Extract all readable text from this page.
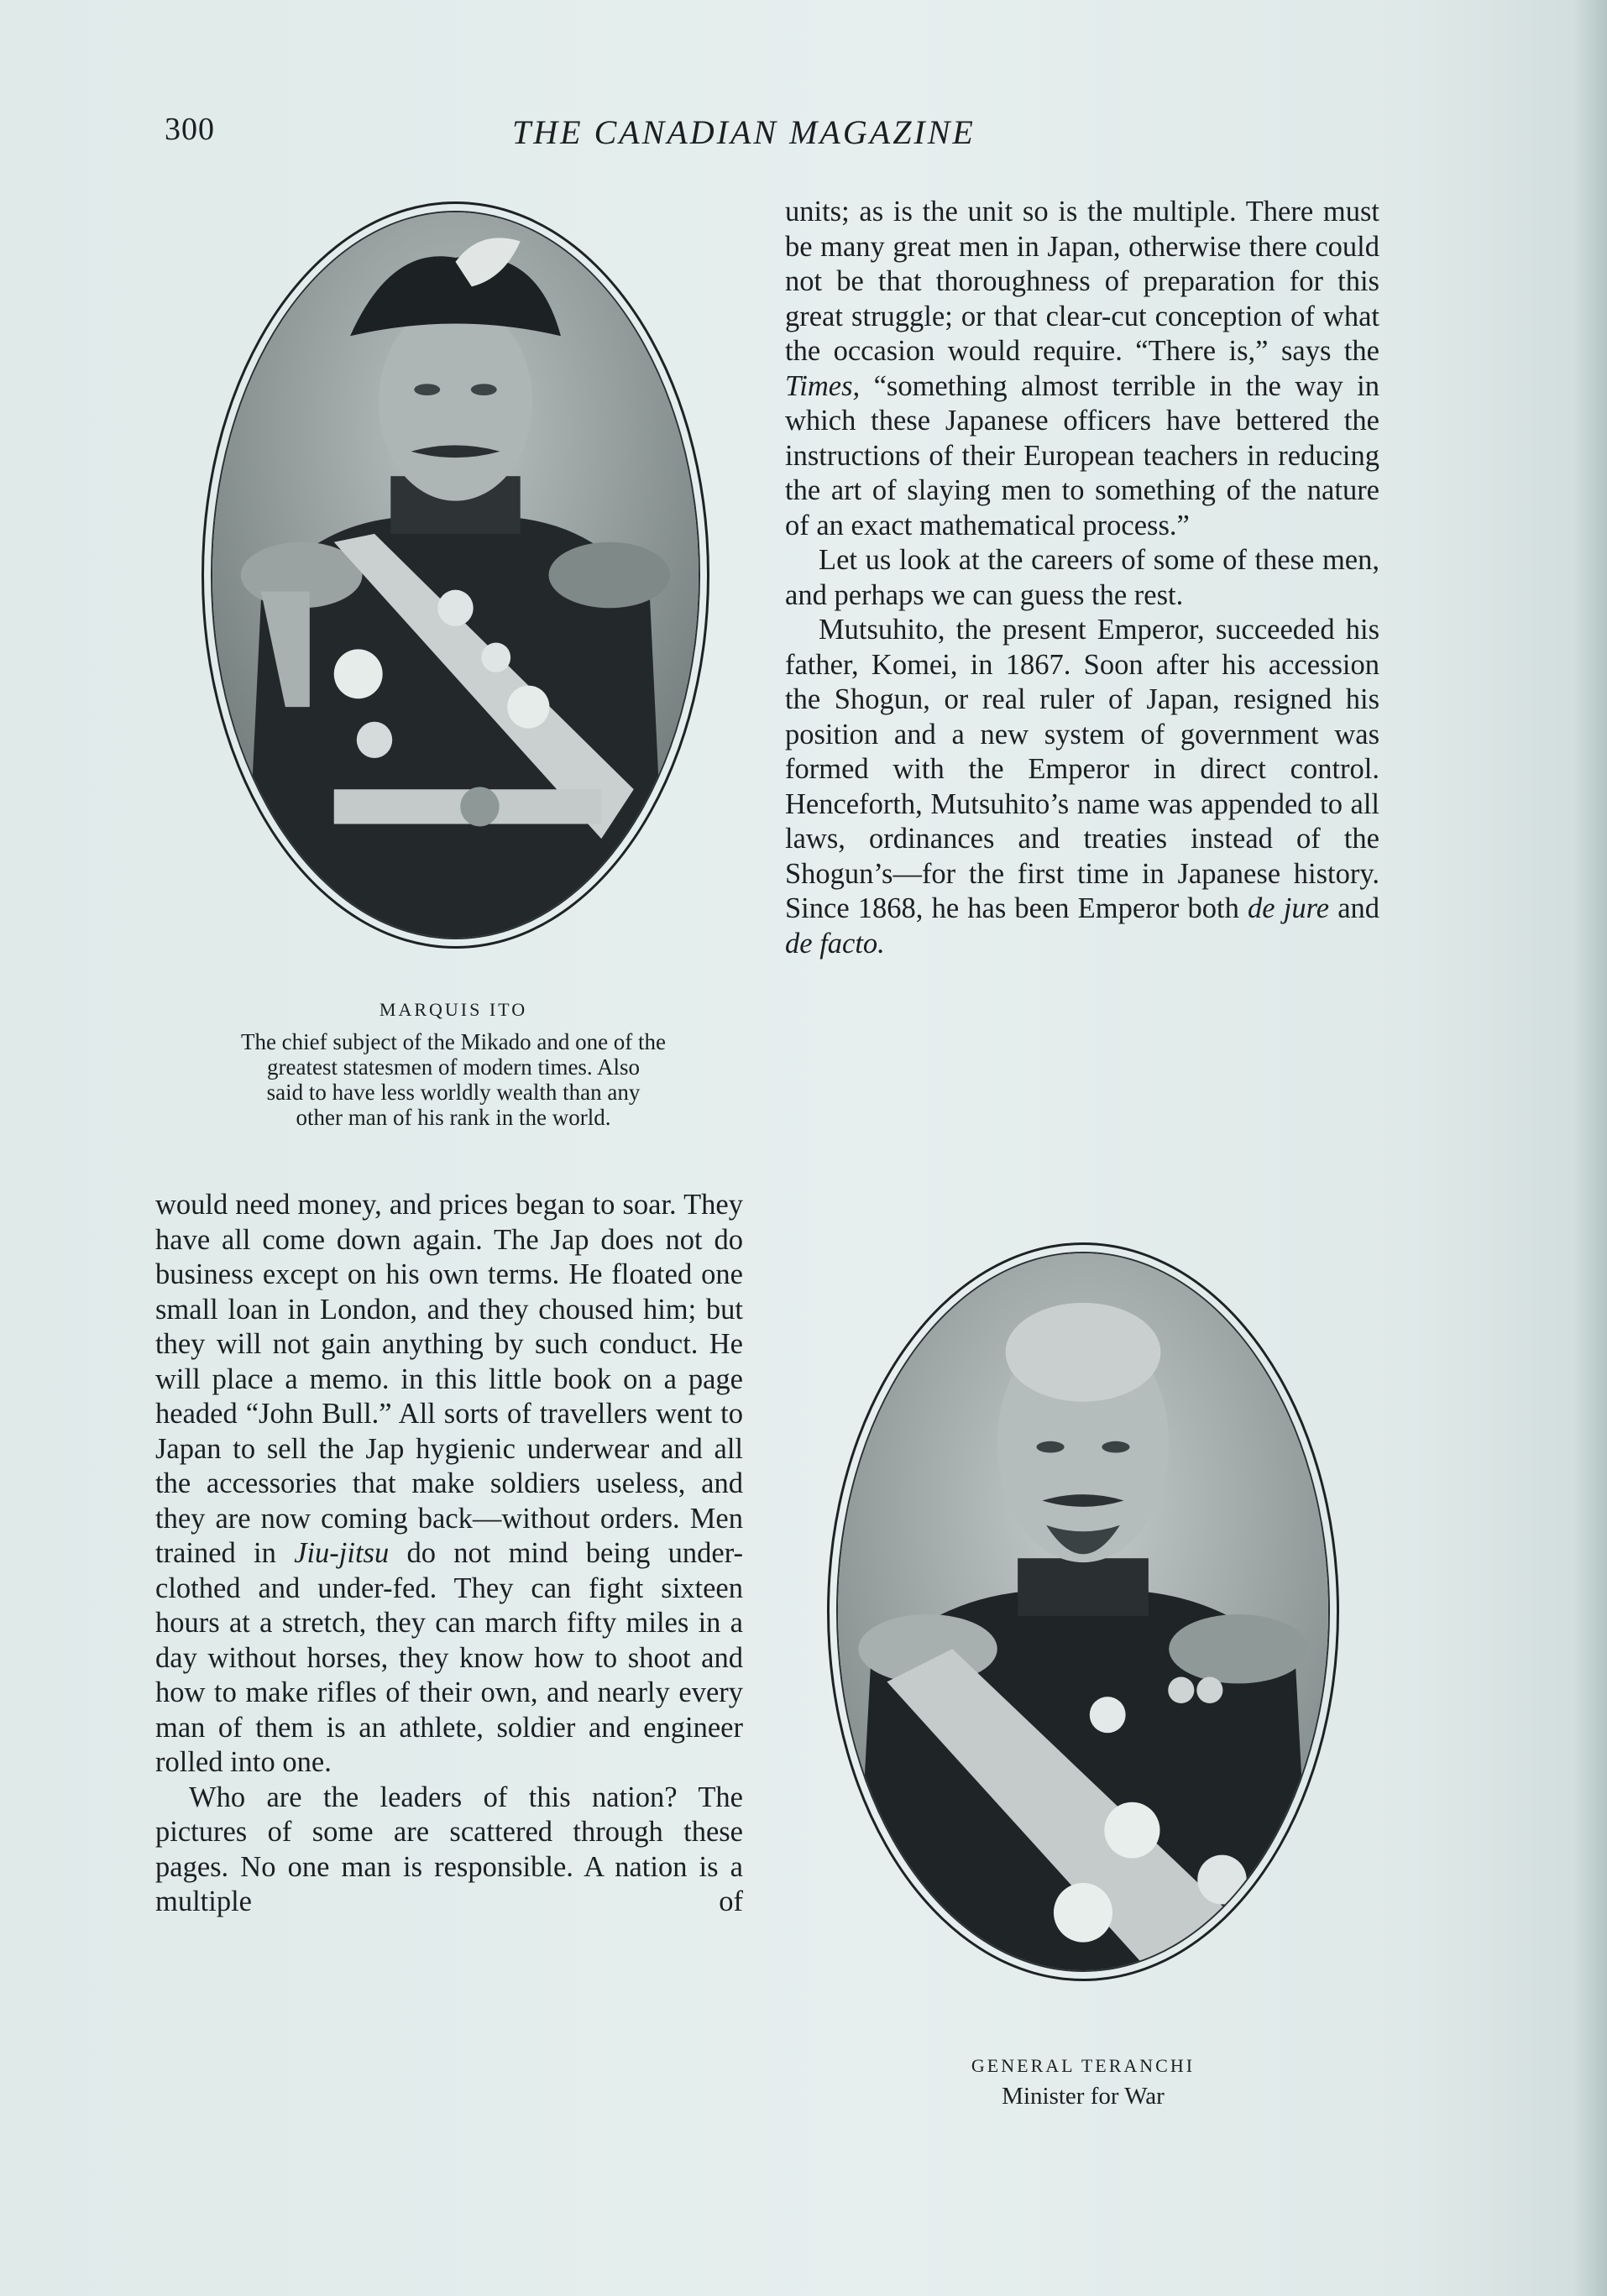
300	THE CANADIAN MAGAZINE
MARQUIS ITO
The chief subject of the Mikado and one of the
greatest statesmen of modern times. Also
said to have less worldly wealth than any
other man of his rank in the world.
units; as is the unit so is the multiple. There must be many great men in Japan, otherwise there could not be that thoroughness of preparation for this great struggle; or that clear-cut conception of what the occasion would require. “There is,” says the Times, “something almost terrible in the way in which these Japanese officers have bettered the instructions of their European teachers in reducing the art of slaying men to something of the nature of an exact mathematical process.”
Let us look at the careers of some of these men, and perhaps we can guess the rest.
Mutsuhito, the present Emperor, succeeded his father, Komei, in 1867. Soon after his accession the Shogun, or real ruler of Japan, resigned his position and a new system of government was formed with the Emperor in direct control. Henceforth, Mutsuhito’s name was appended to all laws, ordinances and treaties instead of the Shogun’s—for the first time in Japanese history. Since 1868, he has been Emperor both de jure and de facto.
would need money, and prices began to soar. They have all come down again. The Jap does not do business except on his own terms. He floated one small loan in London, and they choused him; but they will not gain anything by such conduct. He will place a memo. in this little book on a page headed “John Bull.” All sorts of travellers went to Japan to sell the Jap hygienic underwear and all the accessories that make soldiers useless, and they are now coming back—without orders. Men trained in Jiu-jitsu do not mind being under-clothed and under-fed. They can fight sixteen hours at a stretch, they can march fifty miles in a day without horses, they know how to shoot and how to make rifles of their own, and nearly every man of them is an athlete, soldier and engineer rolled into one.
Who are the leaders of this nation? The pictures of some are scattered through these pages. No one man is responsible. A nation is a multiple of
GENERAL TERANCHI
Minister for War
